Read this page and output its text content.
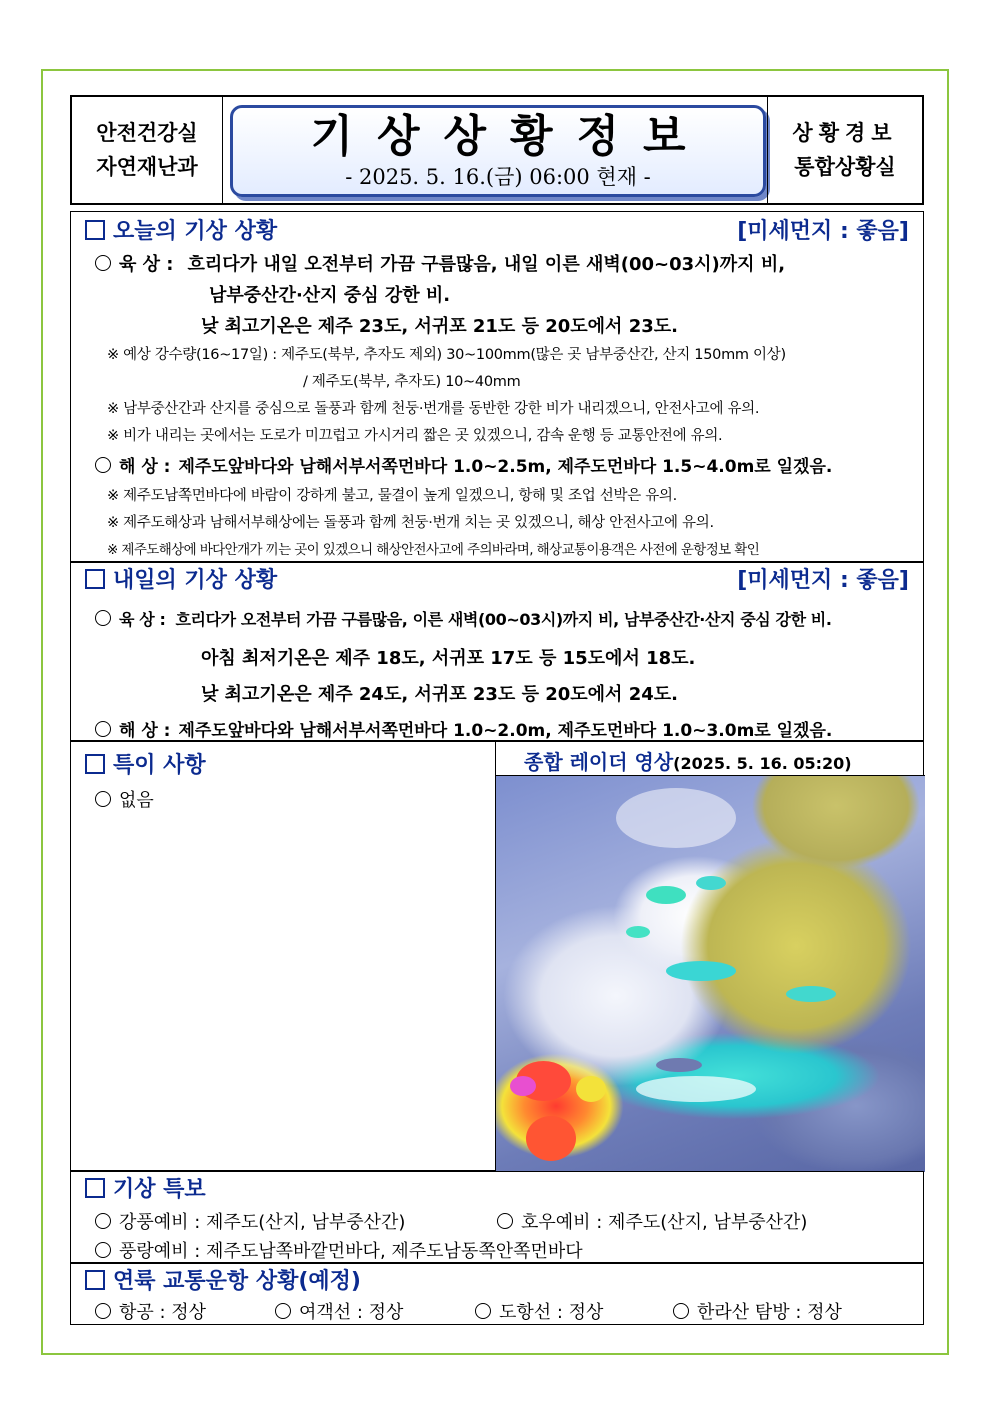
안전건강실
자연재난과
기상상황정보
- 2025. 5. 16.(금) 06:00 현재 -
상황경보
통합상황실
오늘의 기상 상황	[미세먼지 : 좋음]
육 상 : 흐리다가 내일 오전부터 가끔 구름많음, 내일 이른 새벽(00~03시)까지 비,
남부중산간·산지 중심 강한 비.
낮 최고기온은 제주 23도, 서귀포 21도 등 20도에서 23도.
※ 예상 강수량(16~17일) : 제주도(북부, 추자도 제외) 30~100mm(많은 곳 남부중산간, 산지 150mm 이상)
/ 제주도(북부, 추자도) 10~40mm
※ 남부중산간과 산지를 중심으로 돌풍과 함께 천둥·번개를 동반한 강한 비가 내리겠으니, 안전사고에 유의.
※ 비가 내리는 곳에서는 도로가 미끄럽고 가시거리 짧은 곳 있겠으니, 감속 운행 등 교통안전에 유의.
해 상 : 제주도앞바다와 남해서부서쪽먼바다 1.0~2.5m, 제주도먼바다 1.5~4.0m로 일겠음.
※ 제주도남쪽먼바다에 바람이 강하게 불고, 물결이 높게 일겠으니, 항해 및 조업 선박은 유의.
※ 제주도해상과 남해서부해상에는 돌풍과 함께 천둥·번개 치는 곳 있겠으니, 해상 안전사고에 유의.
※ 제주도해상에 바다안개가 끼는 곳이 있겠으니 해상안전사고에 주의바라며, 해상교통이용객은 사전에 운항정보 확인
내일의 기상 상황	[미세먼지 : 좋음]
육 상 : 흐리다가 오전부터 가끔 구름많음, 이른 새벽(00~03시)까지 비, 남부중산간·산지 중심 강한 비.
아침 최저기온은 제주 18도, 서귀포 17도 등 15도에서 18도.
낮 최고기온은 제주 24도, 서귀포 23도 등 20도에서 24도.
해 상 : 제주도앞바다와 남해서부서쪽먼바다 1.0~2.0m, 제주도먼바다 1.0~3.0m로 일겠음.
특이 사항
없음
종합 레이더 영상(2025. 5. 16. 05:20)
기상 특보
강풍예비 : 제주도(산지, 남부중산간)	호우예비 : 제주도(산지, 남부중산간)
풍랑예비 : 제주도남쪽바깥먼바다, 제주도남동쪽안쪽먼바다
연륙 교통운항 상황(예정)
항공 : 정상	여객선 : 정상	도항선 : 정상	한라산 탐방 : 정상
